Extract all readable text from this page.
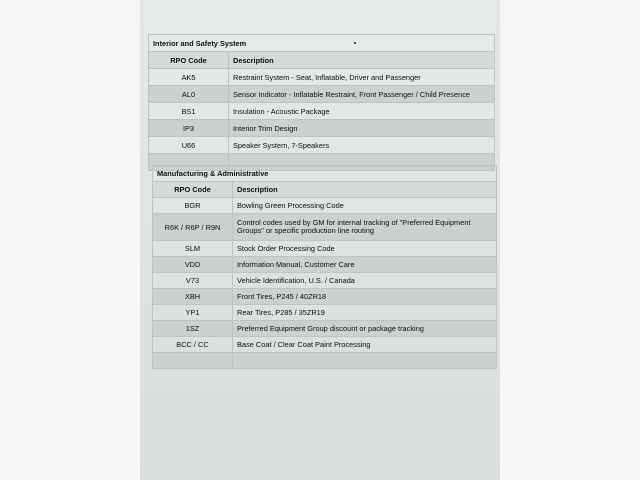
Interior and Safety System	
RPO Code	Description
AK5	Restraint System - Seat, Inflatable, Driver and Passenger
AL0	Sensor Indicator - Inflatable Restraint, Front Passenger / Child Presence
BS1	Insulation - Acoustic Package
IP3	Interior Trim Design
U66	Speaker System, 7-Speakers

Manufacturing & Administrative	
RPO Code	Description
BGR	Bowling Green Processing Code
R6K / R6P / R9N	Control codes used by GM for internal tracking of "Preferred Equipment Groups" or specific production line routing
SLM	Stock Order Processing Code
VDD	Information Manual, Customer Care
V73	Vehicle Identification, U.S. / Canada
XBH	Front Tires, P245 / 40ZR18
YP1	Rear Tires, P285 / 35ZR19
1SZ	Preferred Equipment Group discount or package tracking
BCC / CC	Base Coat / Clear Coat Paint Processing
